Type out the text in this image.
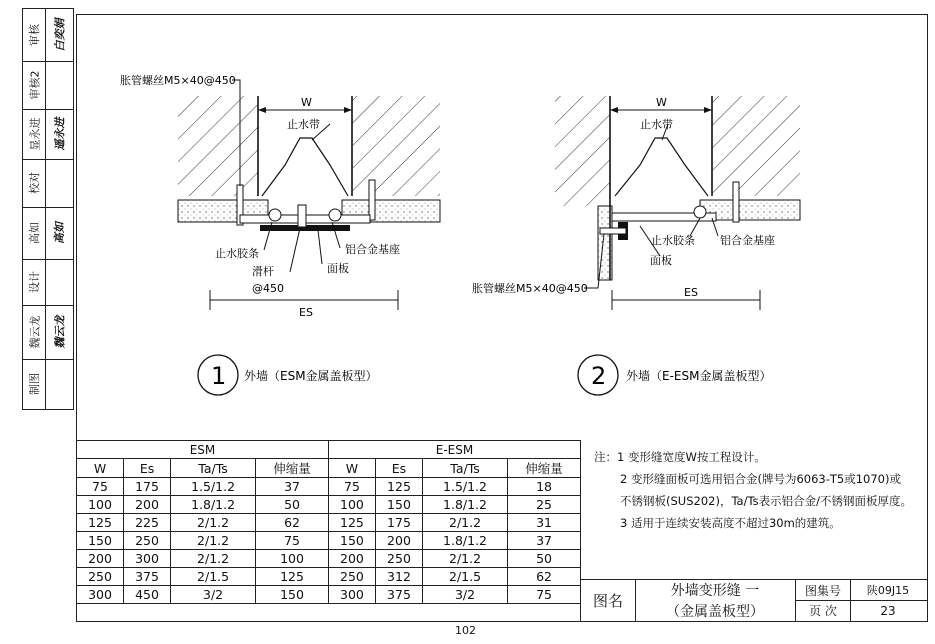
审核 白奕娟
审核2
显永进 遥永进
校对
高如 高如
设计
魏云龙 魏云龙
制图
W
ES
胀管螺丝M5×40@450
止水带
止水胶条	铝合金基座
滑杆
@450
面板
1 外墙（ESM金属盖板型）
W
ES
止水带
止水胶条 铝合金基座
面板
胀管螺丝M5×40@450
2 外墙（E-ESM金属盖板型）
ESM				E-ESM			
W	Es	Ta/Ts	伸缩量	W	Es	Ta/Ts	伸缩量
75	175	1.5/1.2	37	75	125	1.5/1.2	18
100	200	1.8/1.2	50	100	150	1.8/1.2	25
125	225	2/1.2	62	125	175	2/1.2	31
150	250	2/1.2	75	150	200	1.8/1.2	37
200	300	2/1.2	100	200	250	2/1.2	50
250	375	2/1.5	125	250	312	2/1.5	62
300	450	3/2	150	300	375	3/2	75
注：1 变形缝宽度W按工程设计。
2 变形缝面板可选用铝合金(牌号为6063-T5或1070)或
不锈钢板(SUS202)，Ta/Ts表示铝合金/不锈钢面板厚度。
3 适用于连续安装高度不超过30m的建筑。
图名
外墙变形缝 一
（金属盖板型）
图集号	陕09J15
页 次	23
102
